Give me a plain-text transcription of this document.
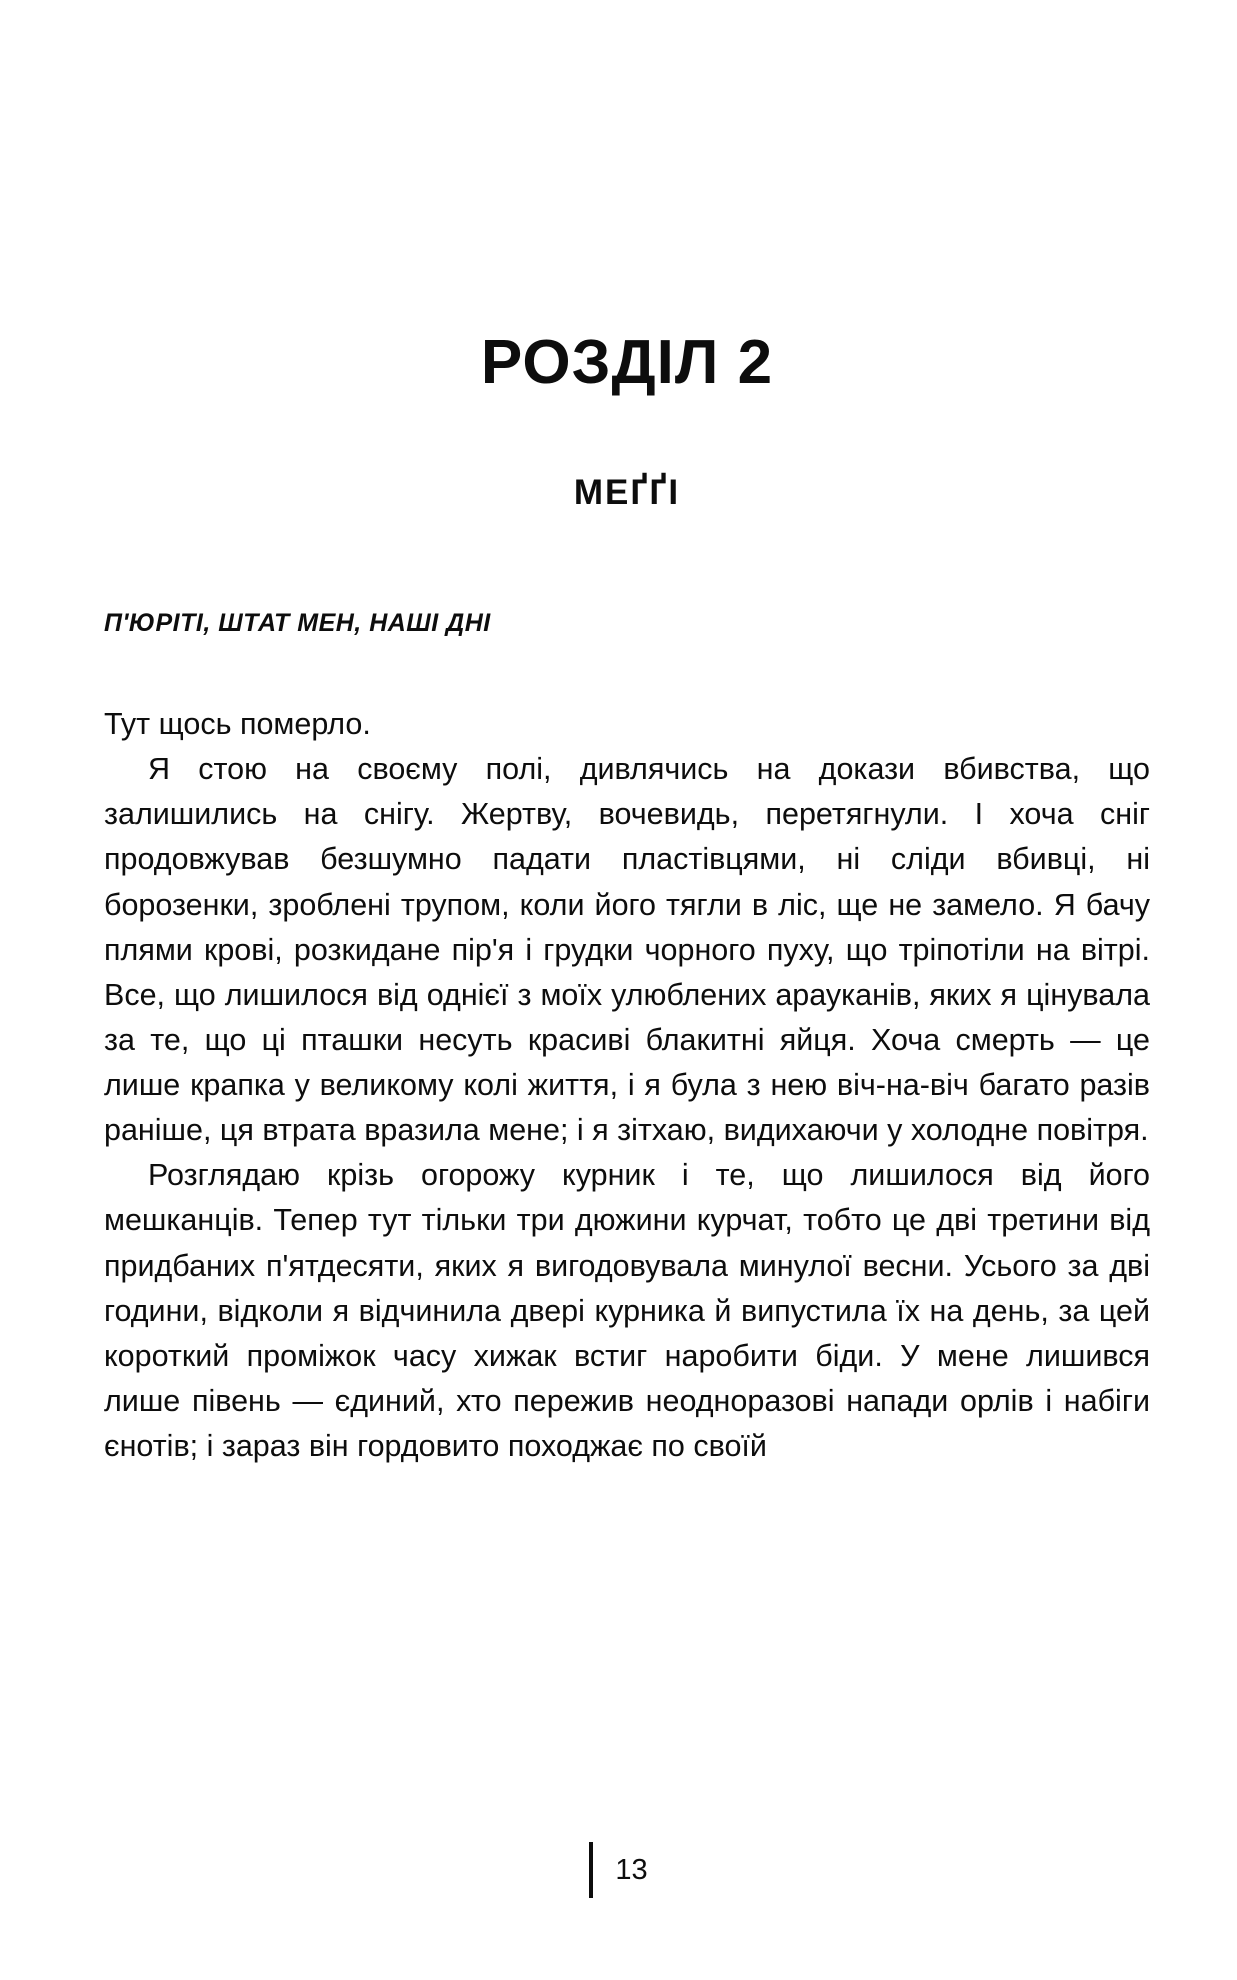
РОЗДІЛ 2
МЕҐҐІ
П'ЮРІТІ, ШТАТ МЕН, НАШІ ДНІ

Тут щось померло.

Я стою на своєму полі, дивлячись на докази вбивства, що залишились на снігу. Жертву, вочевидь, перетягнули. І хоча сніг продовжував безшумно падати пластівцями, ні сліди вбивці, ні борозенки, зроблені трупом, коли його тягли в ліс, ще не замело. Я бачу плями крові, розкидане пір'я і грудки чорного пуху, що тріпотіли на вітрі. Все, що лишилося від однієї з моїх улюблених арауканів, яких я цінувала за те, що ці пташки несуть красиві блакитні яйця. Хоча смерть — це лише крапка у великому колі життя, і я була з нею віч-на-віч багато разів раніше, ця втрата вразила мене; і я зітхаю, видихаючи у холодне повітря.

Розглядаю крізь огорожу курник і те, що лишилося від його мешканців. Тепер тут тільки три дюжини курчат, тобто це дві третини від придбаних п'ятдесяти, яких я вигодовувала минулої весни. Усього за дві години, відколи я відчинила двері курника й випустила їх на день, за цей короткий проміжок часу хижак встиг наробити біди. У мене лишився лише півень — єдиний, хто пережив неодноразові напади орлів і набіги єнотів; і зараз він гордовито походжає по своїй

13
